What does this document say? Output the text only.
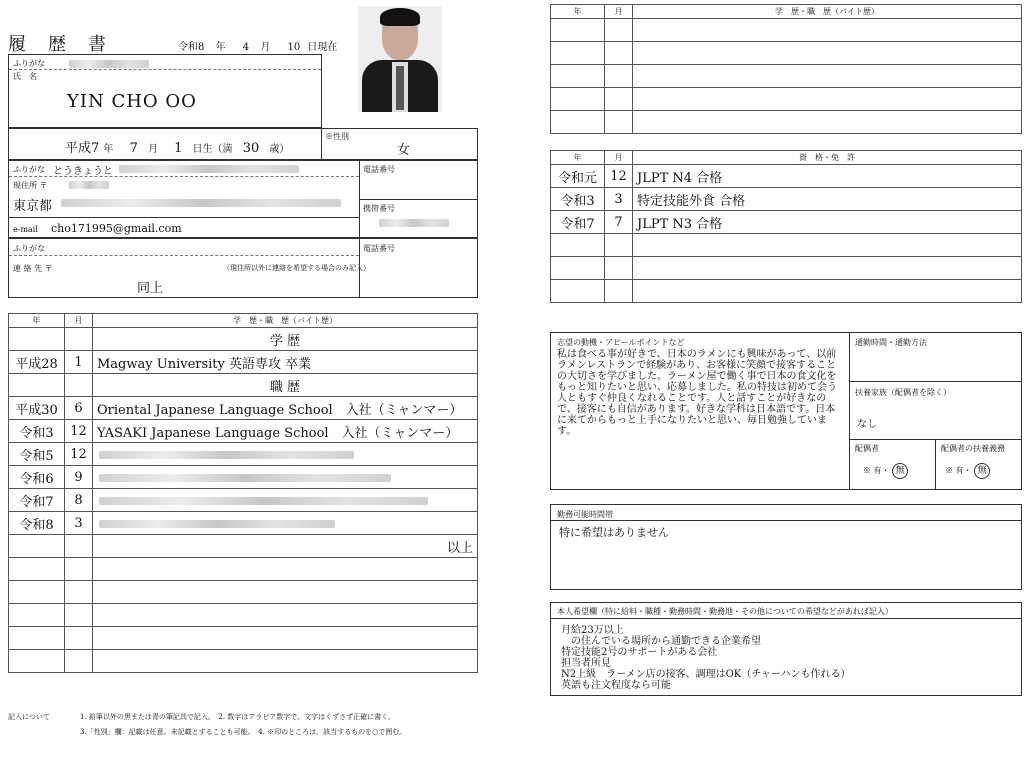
履　歴　書	令和8 年 4 月 10 日現在
ふりがな
氏　名
YIN CHO OO
平成7 年 7 月 1 日生（満 30 歳）
※性別
女
ふりがな とうきょうと
現住所 〒
東京都
e-mail cho171995@gmail.com
電話番号
携帯番号
ふりがな
連 絡 先 〒	（現住所以外に連絡を希望する場合のみ記入）
同上
電話番号
年	月	学　歴・職　歴（バイト歴）
		学 歴
平成28	1	Magway University 英語専攻 卒業
		職 歴
平成30	6	Oriental Japanese Language School　入社（ミャンマー）
令和3	12	YASAKI Japanese Language School　入社（ミャンマー）
令和5	12	

令和6	9	

令和7	8	

令和8	3	

		以上

記入について	1. 鉛筆以外の黒または青の筆記具で記入。　2. 数字はアラビア数字で、文字はくずさず正確に書く。
3.「性別」欄：記載は任意。未記載とすることも可能。　4. ※印のところは、該当するものを○で囲む。
年	月	学　歴・職　歴（バイト歴）

年	月	資　格・免　許
令和元	12	JLPT N4 合格
令和3	3	特定技能外食 合格
令和7	7	JLPT N3 合格

志望の動機・アピールポイントなど
私は食べる事が好きで、日本のラメンにも興味があって、以前ラメンレストランで経験があり、お客様に笑顔で接客することの大切さを学びました。ラーメン屋で働く事で日本の食文化をもっと知りたいと思い、応募しました。私の特技は初めて会う人ともすぐ仲良くなれることです。人と話すことが好きなので、接客にも自信があります。好きな学科は日本語です。日本に来てからもっと上手になりたいと思い、毎日勉強しています。
通勤時間・通勤方法
扶養家族（配偶者を除く）
なし
配偶者
※ 有・ 無
配偶者の扶養義務
※ 有・ 無
勤務可能時間帯
特に希望はありません
本人希望欄（特に給料・職種・勤務時間・勤務地・その他についての希望などがあれば記入）
月給23万以上
　の住んでいる場所から通勤できる企業希望
特定技能2号のサポートがある会社
担当者所見
N2上級　ラーメン店の接客、調理はOK（チャーハンも作れる）
英語も注文程度なら可能
